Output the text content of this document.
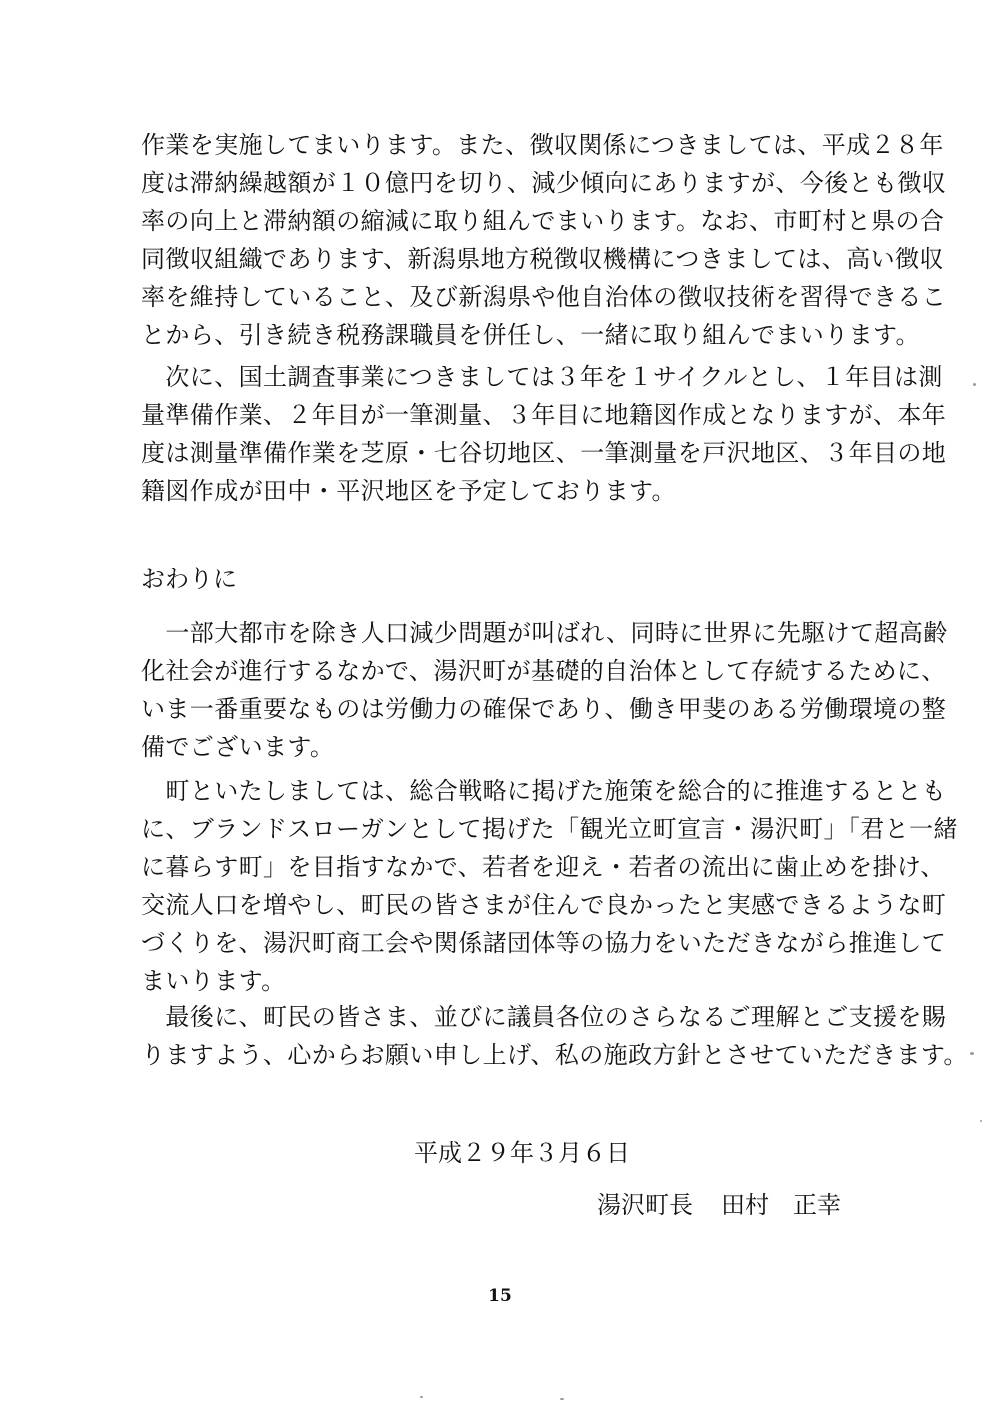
作業を実施してまいります。また、徴収関係につきましては、平成２８年
度は滞納繰越額が１０億円を切り、減少傾向にありますが、今後とも徴収
率の向上と滞納額の縮減に取り組んでまいります。なお、市町村と県の合
同徴収組織であります、新潟県地方税徴収機構につきましては、高い徴収
率を維持していること、及び新潟県や他自治体の徴収技術を習得できるこ
とから、引き続き税務課職員を併任し、一緒に取り組んでまいります。
　次に、国土調査事業につきましては３年を１サイクルとし、１年目は測
量準備作業、２年目が一筆測量、３年目に地籍図作成となりますが、本年
度は測量準備作業を芝原・七谷切地区、一筆測量を戸沢地区、３年目の地
籍図作成が田中・平沢地区を予定しております。
おわりに
　一部大都市を除き人口減少問題が叫ばれ、同時に世界に先駆けて超高齢
化社会が進行するなかで、湯沢町が基礎的自治体として存続するために、
いま一番重要なものは労働力の確保であり、働き甲斐のある労働環境の整
備でございます。
　町といたしましては、総合戦略に掲げた施策を総合的に推進するととも
に、ブランドスローガンとして掲げた「観光立町宣言・湯沢町」「君と一緒
に暮らす町」を目指すなかで、若者を迎え・若者の流出に歯止めを掛け、
交流人口を増やし、町民の皆さまが住んで良かったと実感できるような町
づくりを、湯沢町商工会や関係諸団体等の協力をいただきながら推進して
まいります。
　最後に、町民の皆さま、並びに議員各位のさらなるご理解とご支援を賜
りますよう、心からお願い申し上げ、私の施政方針とさせていただきます。
平成２９年３月６日
湯沢町長 田村　正幸
15
